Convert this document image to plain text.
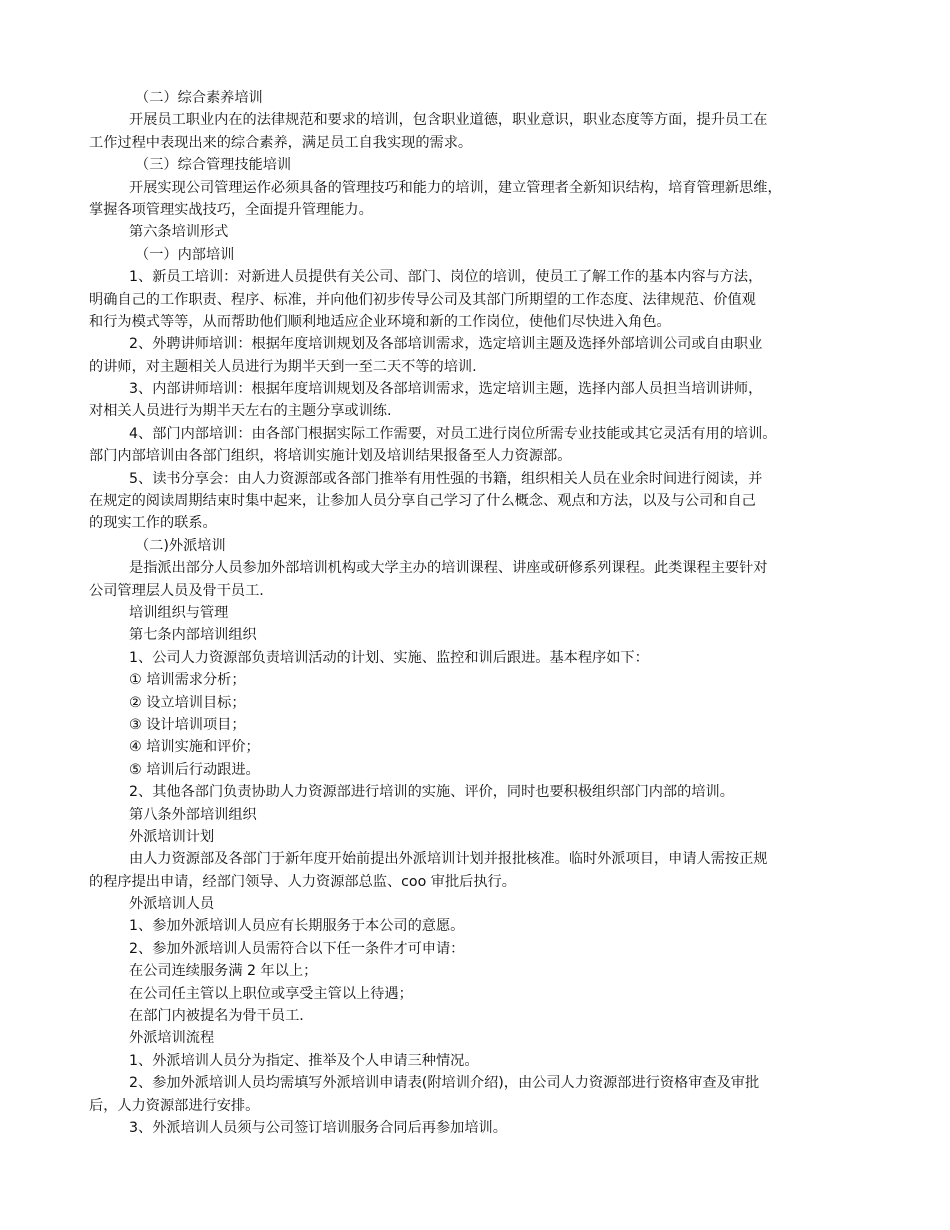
（二）综合素养培训
开展员工职业内在的法律规范和要求的培训，包含职业道德，职业意识，职业态度等方面，提升员工在
工作过程中表现出来的综合素养，满足员工自我实现的需求。
（三）综合管理技能培训
开展实现公司管理运作必须具备的管理技巧和能力的培训，建立管理者全新知识结构，培育管理新思维，
掌握各项管理实战技巧，全面提升管理能力。
第六条培训形式
（一）内部培训
1、新员工培训：对新进人员提供有关公司、部门、岗位的培训，使员工了解工作的基本内容与方法，
明确自己的工作职责、程序、标准，并向他们初步传导公司及其部门所期望的工作态度、法律规范、价值观
和行为模式等等，从而帮助他们顺利地适应企业环境和新的工作岗位，使他们尽快进入角色。
2、外聘讲师培训：根据年度培训规划及各部培训需求，选定培训主题及选择外部培训公司或自由职业
的讲师，对主题相关人员进行为期半天到一至二天不等的培训.
3、内部讲师培训：根据年度培训规划及各部培训需求，选定培训主题，选择内部人员担当培训讲师，
对相关人员进行为期半天左右的主题分享或训练.
4、部门内部培训：由各部门根据实际工作需要，对员工进行岗位所需专业技能或其它灵活有用的培训。
部门内部培训由各部门组织，将培训实施计划及培训结果报备至人力资源部。
5、读书分享会：由人力资源部或各部门推举有用性强的书籍，组织相关人员在业余时间进行阅读，并
在规定的阅读周期结束时集中起来，让参加人员分享自己学习了什么概念、观点和方法，以及与公司和自己
的现实工作的联系。
（二)外派培训
是指派出部分人员参加外部培训机构或大学主办的培训课程、讲座或研修系列课程。此类课程主要针对
公司管理层人员及骨干员工.
培训组织与管理
第七条内部培训组织
1、公司人力资源部负责培训活动的计划、实施、监控和训后跟进。基本程序如下：
① 培训需求分析；
② 设立培训目标；
③ 设计培训项目；
④ 培训实施和评价；
⑤ 培训后行动跟进。
2、其他各部门负责协助人力资源部进行培训的实施、评价，同时也要积极组织部门内部的培训。
第八条外部培训组织
外派培训计划
由人力资源部及各部门于新年度开始前提出外派培训计划并报批核准。临时外派项目，申请人需按正规
的程序提出申请，经部门领导、人力资源部总监、coo 审批后执行。
外派培训人员
1、参加外派培训人员应有长期服务于本公司的意愿。
2、参加外派培训人员需符合以下任一条件才可申请：
在公司连续服务满 2 年以上；
在公司任主管以上职位或享受主管以上待遇；
在部门内被提名为骨干员工.
外派培训流程
1、外派培训人员分为指定、推举及个人申请三种情况。
2、参加外派培训人员均需填写外派培训申请表(附培训介绍)，由公司人力资源部进行资格审查及审批
后，人力资源部进行安排。
3、外派培训人员须与公司签订培训服务合同后再参加培训。
